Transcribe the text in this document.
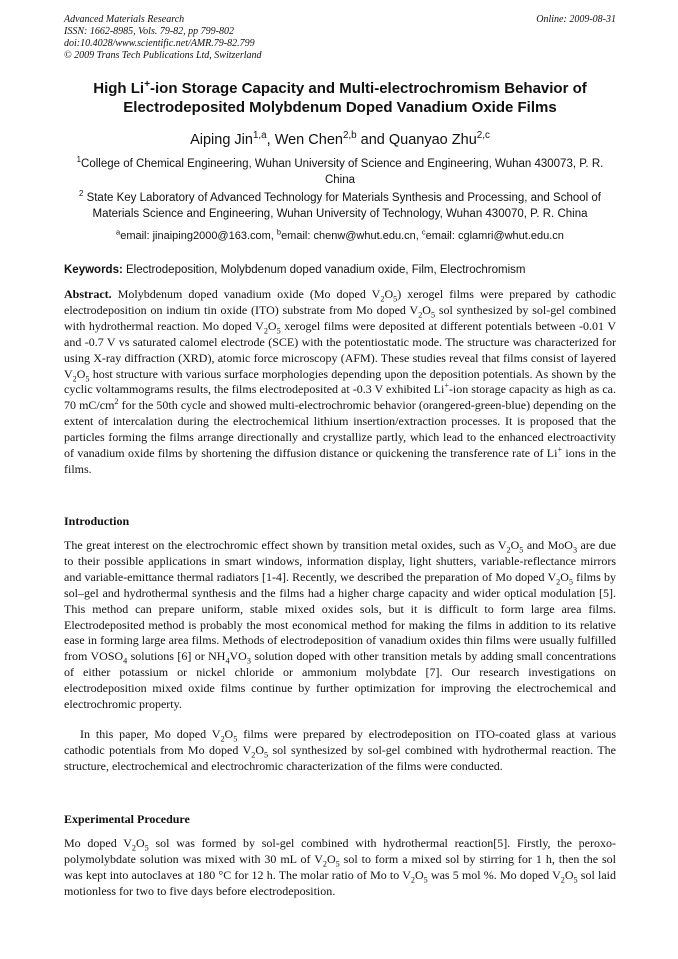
Advanced Materials Research
ISSN: 1662-8985, Vols. 79-82, pp 799-802
doi:10.4028/www.scientific.net/AMR.79-82.799
© 2009 Trans Tech Publications Ltd, Switzerland
Online: 2009-08-31
High Li+-ion Storage Capacity and Multi-electrochromism Behavior of
Electrodeposited Molybdenum Doped Vanadium Oxide Films
Aiping Jin$^{1,a}$, Wen Chen$^{2,b}$ and Quanyao Zhu$^{2,c}$
$^1$College of Chemical Engineering, Wuhan University of Science and Engineering, Wuhan 430073, P. R. China
$^2$ State Key Laboratory of Advanced Technology for Materials Synthesis and Processing, and School of Materials Science and Engineering, Wuhan University of Technology, Wuhan 430070, P. R. China
$^a$email: jinaiping2000@163.com, $^b$email: chenw@whut.edu.cn, $^c$email: cglamri@whut.edu.cn
Keywords: Electrodeposition, Molybdenum doped vanadium oxide, Film, Electrochromism
Abstract. Molybdenum doped vanadium oxide (Mo doped $V_2O_5$) xerogel films were prepared by cathodic electrodeposition on indium tin oxide (ITO) substrate from Mo doped $V_2O_5$ sol synthesized by sol-gel combined with hydrothermal reaction. Mo doped $V_2O_5$ xerogel films were deposited at different potentials between -0.01 V and -0.7 V vs saturated calomel electrode (SCE) with the potentiostatic mode. The structure was characterized for using X-ray diffraction (XRD), atomic force microscopy (AFM). These studies reveal that films consist of layered $V_2O_5$ host structure with various surface morphologies depending upon the deposition potentials. As shown by the cyclic voltammograms results, the films electrodeposited at -0.3 V exhibited Li+-ion storage capacity as high as ca. 70 $mC/cm^2$ for the 50th cycle and showed multi-electrochromic behavior (orangered-green-blue) depending on the extent of intercalation during the electrochemical lithium insertion/extraction processes. It is proposed that the particles forming the films arrange directionally and crystallize partly, which lead to the enhanced electroactivity of vanadium oxide films by shortening the diffusion distance or quickening the transference rate of Li+ ions in the films.
Introduction
The great interest on the electrochromic effect shown by transition metal oxides, such as $V_2O_5$ and MoO$_3$ are due to their possible applications in smart windows, information display, light shutters, variable-reflectance mirrors and variable-emittance thermal radiators [1-4]. Recently, we described the preparation of Mo doped $V_2O_5$ films by sol–gel and hydrothermal synthesis and the films had a higher charge capacity and wider optical modulation [5]. This method can prepare uniform, stable mixed oxides sols, but it is difficult to form large area films. Electrodeposited method is probably the most economical method for making the films in addition to its relative ease in forming large area films. Methods of electrodeposition of vanadium oxides thin films were usually fulfilled from $VOSO_4$ solutions [6] or $NH_4VO_3$ solution doped with other transition metals by adding small concentrations of either potassium or nickel chloride or ammonium molybdate [7]. Our research investigations on electrodeposition mixed oxide films continue by further optimization for improving the electrochemical and electrochromic property.
In this paper, Mo doped $V_2O_5$ films were prepared by electrodeposition on ITO-coated glass at various cathodic potentials from Mo doped $V_2O_5$ sol synthesized by sol-gel combined with hydrothermal reaction. The structure, electrochemical and electrochromic characterization of the films were conducted.
Experimental Procedure
Mo doped $V_2O_5$ sol was formed by sol-gel combined with hydrothermal reaction[5]. Firstly, the peroxo-polymolybdate solution was mixed with 30 mL of $V_2O_5$ sol to form a mixed sol by stirring for 1 h, then the sol was kept into autoclaves at 180 °C for 12 h. The molar ratio of Mo to $V_2O_5$ was 5 mol %. Mo doped $V_2O_5$ sol laid motionless for two to five days before electrodeposition.
